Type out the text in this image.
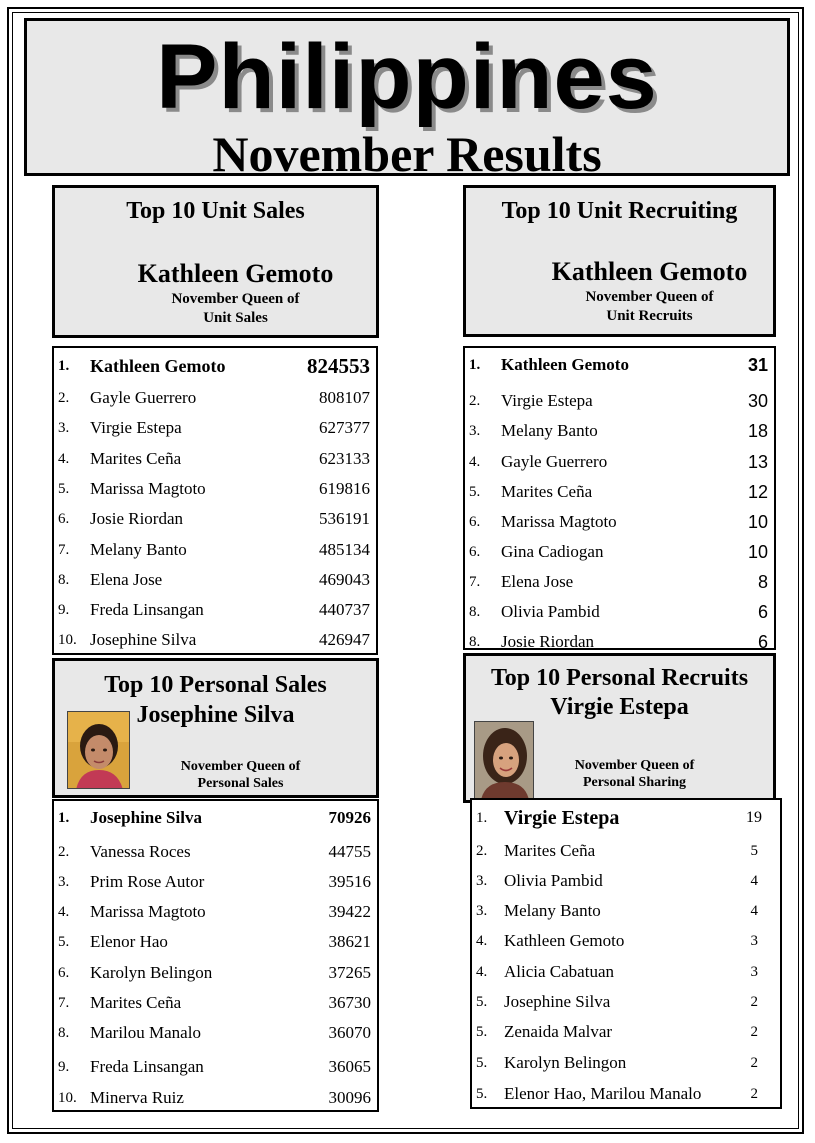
Philippines
November Results
Top 10 Unit Sales
Kathleen Gemoto
November Queen of
Unit Sales
Top 10 Unit Recruiting
Kathleen Gemoto
November Queen of
Unit Recruits
1. Kathleen Gemoto	824553
2. Gayle Guerrero	808107
3. Virgie Estepa	627377
4. Marites Ceña	623133
5. Marissa Magtoto	619816
6. Josie Riordan	536191
7. Melany Banto	485134
8. Elena Jose	469043
9. Freda Linsangan	440737
10. Josephine Silva	426947
1. Kathleen Gemoto	31
2. Virgie Estepa	30
3. Melany Banto	18
4. Gayle Guerrero	13
5. Marites Ceña	12
6. Marissa Magtoto	10
6. Gina Cadiogan	10
7. Elena Jose	8
8. Olivia Pambid	6
8. Josie Riordan	6
Top 10 Personal Sales
Josephine Silva
November Queen of
Personal Sales
Top 10 Personal Recruits
Virgie Estepa
November Queen of
Personal Sharing
1. Josephine Silva	70926
2. Vanessa Roces	44755
3. Prim Rose Autor	39516
4. Marissa Magtoto	39422
5. Elenor Hao	38621
6. Karolyn Belingon	37265
7. Marites Ceña	36730
8. Marilou Manalo	36070
9. Freda Linsangan	36065
10. Minerva Ruiz	30096
1. Virgie Estepa	19
2. Marites Ceña	5
3. Olivia Pambid	4
3. Melany Banto	4
4. Kathleen Gemoto	3
4. Alicia Cabatuan	3
5. Josephine Silva	2
5. Zenaida Malvar	2
5. Karolyn Belingon	2
5. Elenor Hao, Marilou Manalo	2
